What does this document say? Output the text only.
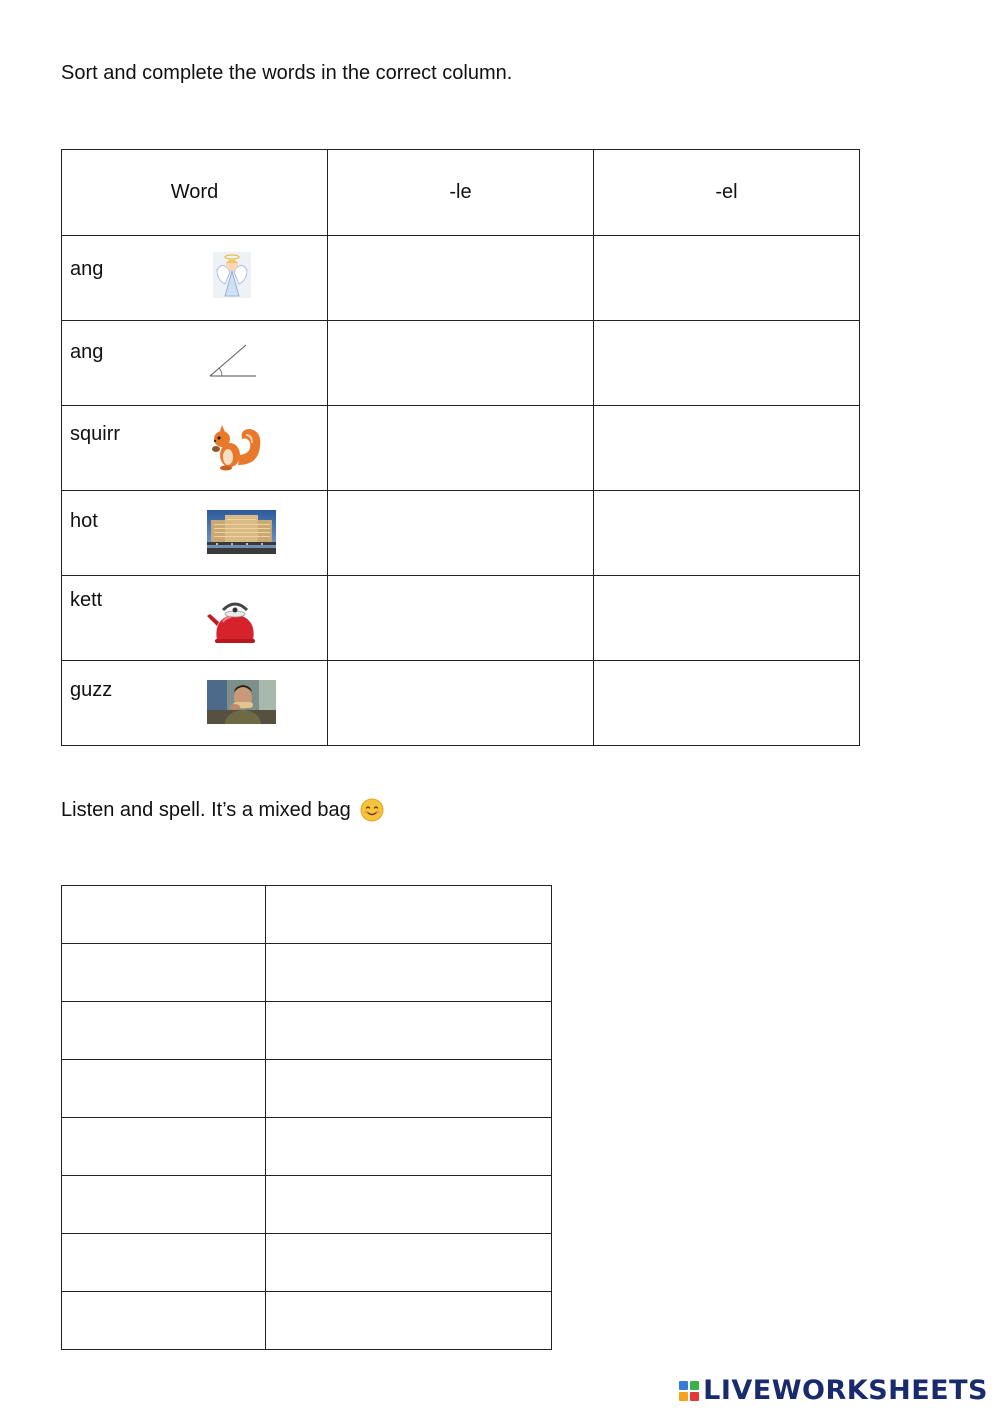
Sort and complete the words in the correct column.
Word	-le	-el

ang		

ang		

squirr		

hot		

kett		

guzz		

Listen and spell. It’s a mixed bag

LIVEWORKSHEETS
